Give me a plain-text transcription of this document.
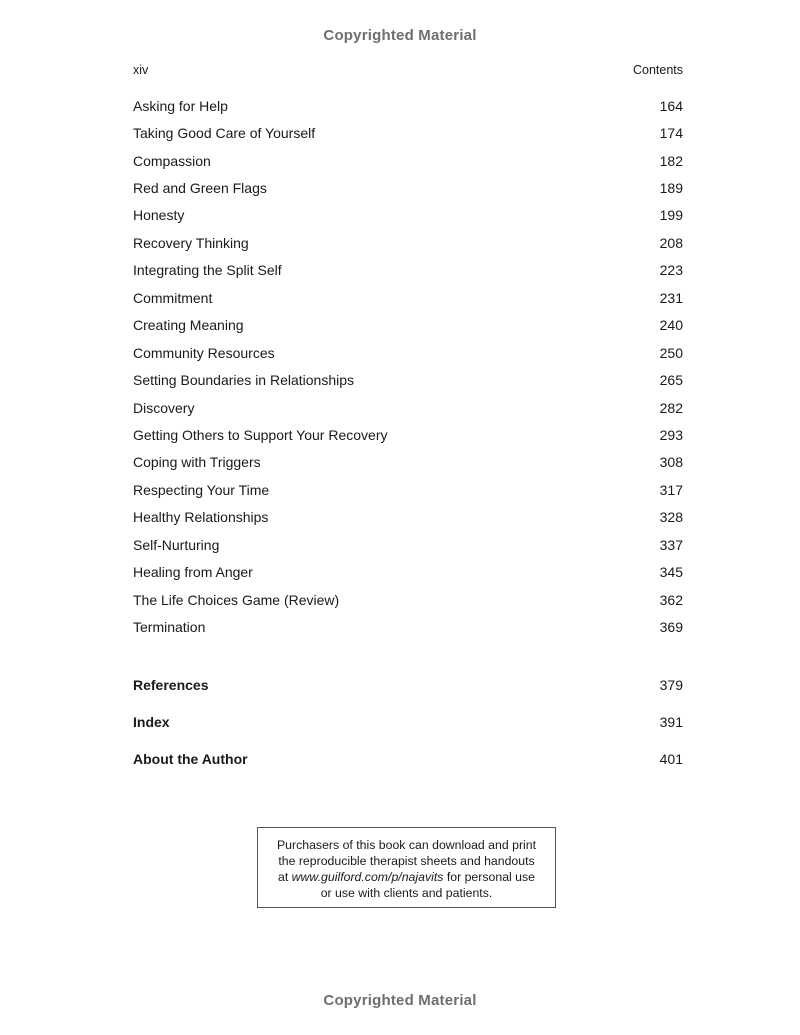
Copyrighted Material
xiv	Contents
Asking for Help	164
Taking Good Care of Yourself	174
Compassion	182
Red and Green Flags	189
Honesty	199
Recovery Thinking	208
Integrating the Split Self	223
Commitment	231
Creating Meaning	240
Community Resources	250
Setting Boundaries in Relationships	265
Discovery	282
Getting Others to Support Your Recovery	293
Coping with Triggers	308
Respecting Your Time	317
Healthy Relationships	328
Self-Nurturing	337
Healing from Anger	345
The Life Choices Game (Review)	362
Termination	369
References	379
Index	391
About the Author	401
Purchasers of this book can download and print
the reproducible therapist sheets and handouts
at www.guilford.com/p/najavits for personal use
or use with clients and patients.
Copyrighted Material
